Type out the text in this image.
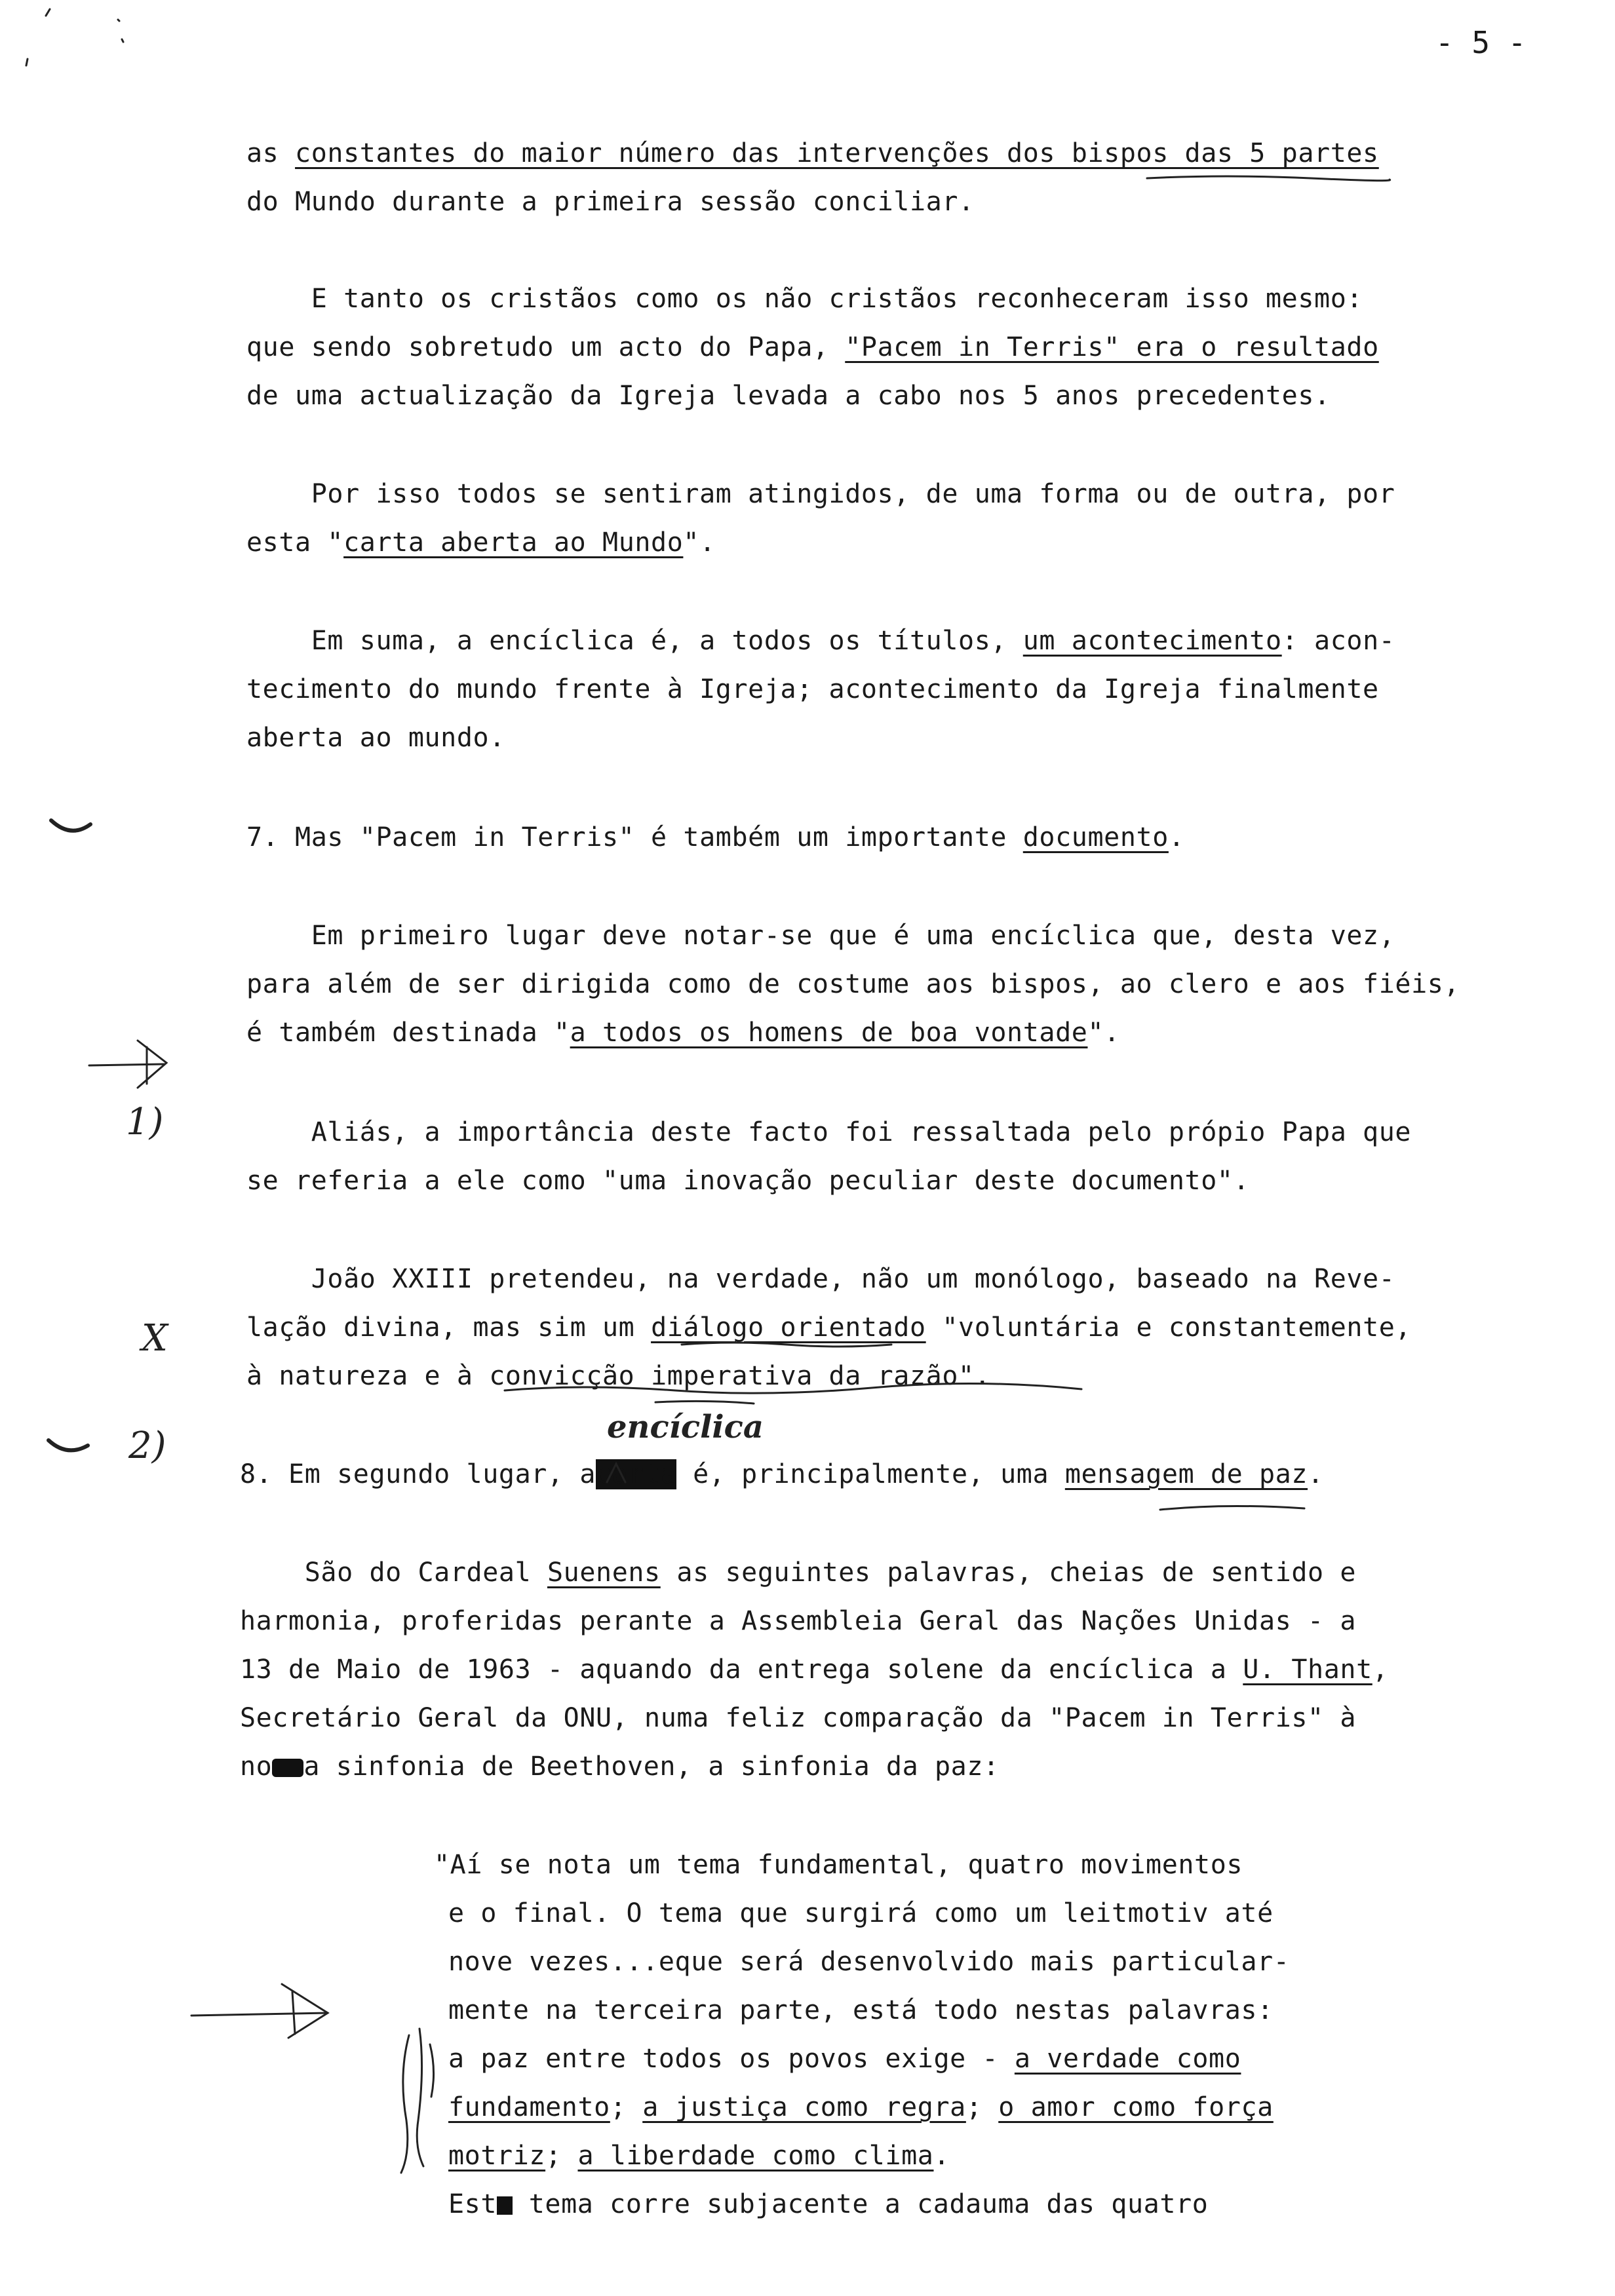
- 5 -
as constantes do maior número das intervenções dos bispos das 5 partes
do Mundo durante a primeira sessão conciliar.
E tanto os cristãos como os não cristãos reconheceram isso mesmo:
que sendo sobretudo um acto do Papa, "Pacem in Terris" era o resultado
de uma actualização da Igreja levada a cabo nos 5 anos precedentes.
Por isso todos se sentiram atingidos, de uma forma ou de outra, por
esta "carta aberta ao Mundo".
Em suma, a encíclica é, a todos os títulos, um acontecimento: acon-
tecimento do mundo frente à Igreja; acontecimento da Igreja finalmente
aberta ao mundo.
7. Mas "Pacem in Terris" é também um importante documento.
Em primeiro lugar deve notar-se que é uma encíclica que, desta vez,
para além de ser dirigida como de costume aos bispos, ao clero e aos fiéis,
é também destinada "a todos os homens de boa vontade".
Aliás, a importância deste facto foi ressaltada pelo própio Papa que
se referia a ele como "uma inovação peculiar deste documento".
João XXIII pretendeu, na verdade, não um monólogo, baseado na Reve-
lação divina, mas sim um diálogo orientado "voluntária e constantemente,
à natureza e à convicção imperativa da razão".
encíclica
8. Em segundo lugar, acarta é, principalmente, uma mensagem de paz.
São do Cardeal Suenens as seguintes palavras, cheias de sentido e
harmonia, proferidas perante a Assembleia Geral das Nações Unidas - a
13 de Maio de 1963 - aquando da entrega solene da encíclica a U. Thant,
Secretário Geral da ONU, numa feliz comparação da "Pacem in Terris" à
no a sinfonia de Beethoven, a sinfonia da paz:
"Aí se nota um tema fundamental, quatro movimentos
e o final. O tema que surgirá como um leitmotiv até
nove vezes...eque será desenvolvido mais particular-
mente na terceira parte, está todo nestas palavras:
a paz entre todos os povos exige - a verdade como
fundamento; a justiça como regra; o amor como força
motriz; a liberdade como clima.
Est tema corre subjacente a cadauma das quatro
1)
X
2)
